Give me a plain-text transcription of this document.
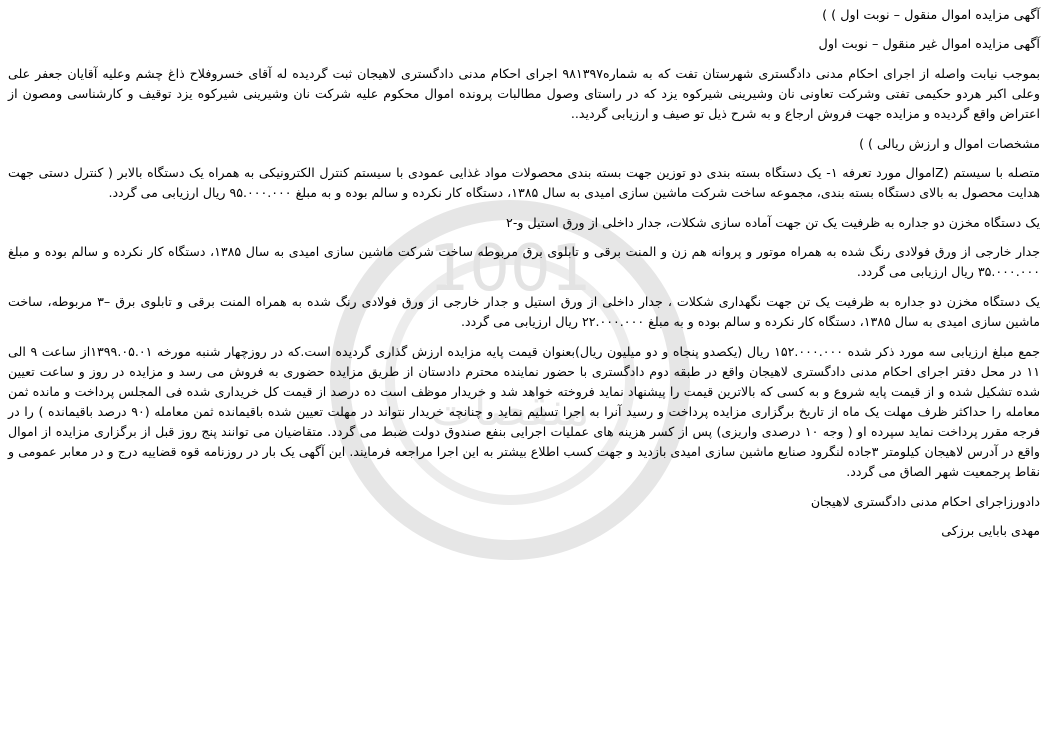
1001
منقصات

آگهی مزایده اموال منقول – نوبت اول ) )

آگهی مزایده اموال غیر منقول – نوبت اول

بموجب نیابت واصله از اجرای احکام مدنی دادگستری شهرستان تفت که به شماره۹۸۱۳۹۷ اجرای احکام مدنی دادگستری لاهیجان ثبت گردیده له آقای خسروفلاح ذاغ چشم وعلیه آقایان جعفر علی وعلی اکبر هردو حکیمی تفتی وشرکت تعاونی نان وشیرینی شیرکوه یزد که در راستای وصول مطالبات پرونده اموال محکوم علیه شرکت نان وشیرینی شیرکوه یزد توقیف و کارشناسی ومصون از اعتراض واقع گردیده و مزایده جهت فروش ارجاع و به شرح ذیل تو صیف و ارزیابی گردید..

مشخصات اموال و ارزش ریالی ) )

متصله با سیستم (Zاموال مورد تعرفه ۱- یک دستگاه بسته بندی دو توزین جهت بسته بندی محصولات مواد غذایی عمودی با سیستم کنترل الکترونیکی به همراه یک دستگاه بالابر ( کنترل دستی جهت هدایت محصول به بالای دستگاه بسته بندی، مجموعه ساخت شرکت ماشین سازی امیدی به سال ۱۳۸۵، دستگاه کار نکرده و سالم بوده و به مبلغ ۹۵.۰۰۰.۰۰۰ ریال ارزیابی می گردد.

یک دستگاه مخزن دو جداره به ظرفیت یک تن جهت آماده سازی شکلات، جدار داخلی از ورق استیل و-۲

جدار خارجی از ورق فولادی رنگ شده به همراه موتور و پروانه هم زن و المنت برقی و تابلوی برق مربوطه ساخت شرکت ماشین سازی امیدی به سال ۱۳۸۵، دستگاه کار نکرده و سالم بوده و مبلغ ۳۵.۰۰۰.۰۰۰ ریال ارزیابی می گردد.

یک دستگاه مخزن دو جداره به ظرفیت یک تن جهت نگهداری شکلات ، جدار داخلی از ورق استیل و جدار خارجی از ورق فولادی رنگ شده به همراه المنت برقی و تابلوی برق –۳ مربوطه، ساخت ماشین سازی امیدی به سال ۱۳۸۵، دستگاه کار نکرده و سالم بوده و به مبلغ ۲۲.۰۰۰.۰۰۰ ریال ارزیابی می گردد.

جمع مبلغ ارزیابی سه مورد ذکر شده ۱۵۲.۰۰۰.۰۰۰ ریال (یکصدو پنجاه و دو میلیون ریال)بعنوان قیمت پایه مزایده ارزش گذاری گردیده است.که در روزچهار شنبه مورخه ۱۳۹۹.۰۵.۰۱از ساعت ۹ الی ۱۱ در محل دفتر اجرای احکام مدنی دادگستری لاهیجان واقع در طبقه دوم دادگستری با حضور نماینده محترم دادستان از طریق مزایده حضوری به فروش می رسد و مزایده در روز و ساعت تعیین شده تشکیل شده و از قیمت پایه شروع و به کسی که بالاترین قیمت را پیشنهاد نماید فروخته خواهد شد و خریدار موظف است ده درصد از قیمت کل خریداری شده فی المجلس پرداخت و مانده ثمن معامله را حداکثر ظرف مهلت یک ماه از تاریخ برگزاری مزایده پرداخت و رسید آنرا به اجرا تسلیم نماید و چنانچه خریدار نتواند در مهلت تعیین شده باقیمانده ثمن معامله (۹۰ درصد باقیمانده ) را در فرجه مقرر پرداخت نماید سپرده او ( وجه ۱۰ درصدی واریزی) پس از کسر هزینه های عملیات اجرایی بنفع صندوق دولت ضبط می گردد. متقاضیان می توانند پنج روز قبل از برگزاری مزایده از اموال واقع در آدرس لاهیجان کیلومتر ۳جاده لنگرود صنایع ماشین سازی امیدی بازدید و جهت کسب اطلاع بیشتر به این اجرا مراجعه فرمایند. این آگهی یک بار در روزنامه قوه قضاییه درج و در معابر عمومی و نقاط پرجمعیت شهر الصاق می گردد.

دادورزاجرای احکام مدنی دادگستری لاهیجان

مهدی بابایی برزکی
